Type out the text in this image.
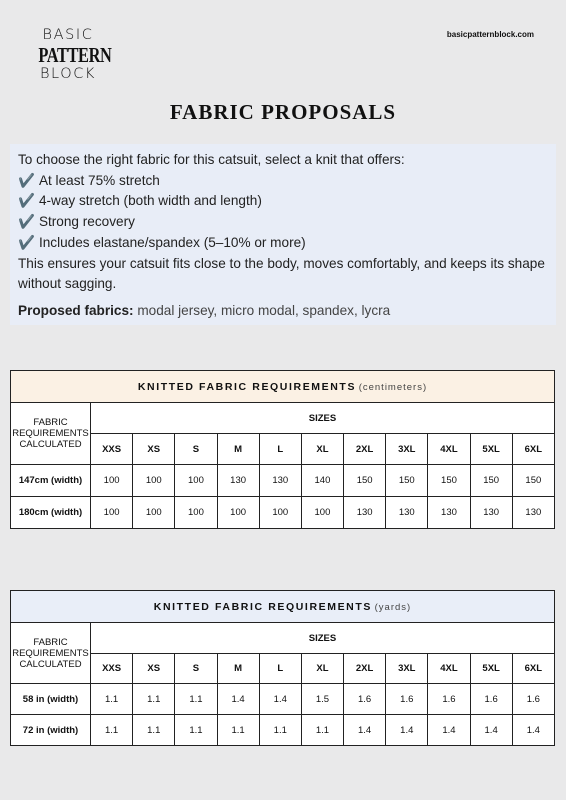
BASIC
PATTERN
BLOCK
basicpatternblock.com
FABRIC PROPOSALS
To choose the right fabric for this catsuit, select a knit that offers:
✔️ At least 75% stretch
✔️ 4-way stretch (both width and length)
✔️ Strong recovery
✔️ Includes elastane/spandex (5–10% or more)
This ensures your catsuit fits close to the body, moves comfortably, and keeps its shape without sagging.
Proposed fabrics: modal jersey, micro modal, spandex, lycra
KNITTED FABRIC REQUIREMENTS (centimeters)											

FABRIC
REQUIREMENTS
CALCULATED	SIZES										
	XXS	XS	S	M	L	XL	2XL	3XL	4XL	5XL	6XL
147cm (width)	100	100	100	130	130	140	150	150	150	150	150
180cm (width)	100	100	100	100	100	100	130	130	130	130	130
KNITTED FABRIC REQUIREMENTS (yards)											

FABRIC
REQUIREMENTS
CALCULATED	SIZES										
	XXS	XS	S	M	L	XL	2XL	3XL	4XL	5XL	6XL
58 in (width)	1.1	1.1	1.1	1.4	1.4	1.5	1.6	1.6	1.6	1.6	1.6
72 in (width)	1.1	1.1	1.1	1.1	1.1	1.1	1.4	1.4	1.4	1.4	1.4
